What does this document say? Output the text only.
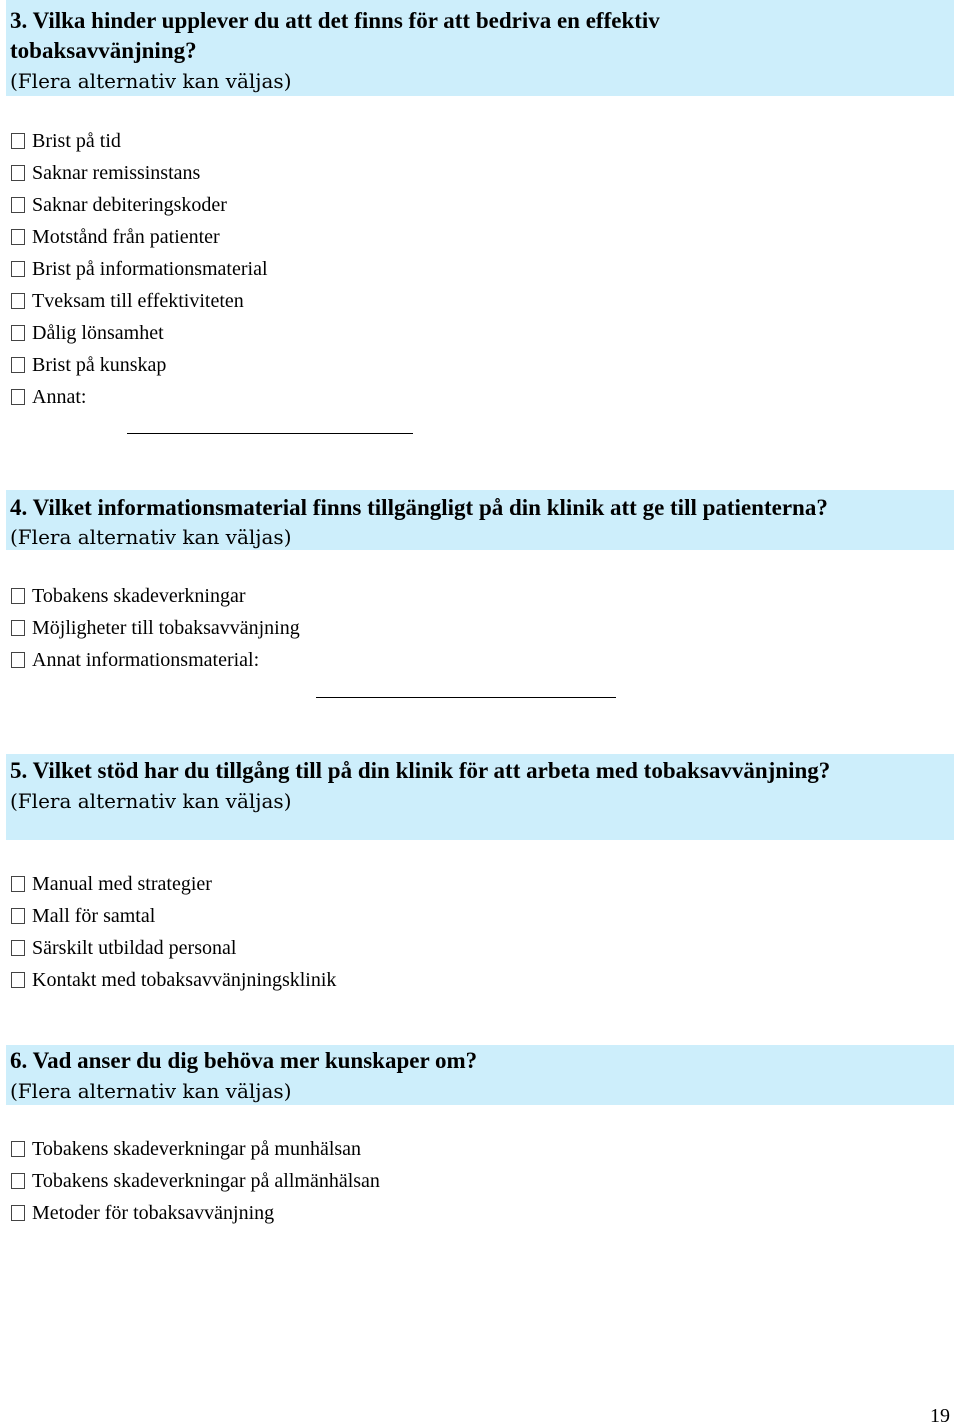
3. Vilka hinder upplever du att det finns för att bedriva en effektiv
tobaksavvänjning?
(Flera alternativ kan väljas)
Brist på tid
Saknar remissinstans
Saknar debiteringskoder
Motstånd från patienter
Brist på informationsmaterial
Tveksam till effektiviteten
Dålig lönsamhet
Brist på kunskap
Annat:
4. Vilket informationsmaterial finns tillgängligt på din klinik att ge till patienterna?
(Flera alternativ kan väljas)
Tobakens skadeverkningar
Möjligheter till tobaksavvänjning
Annat informationsmaterial:
5. Vilket stöd har du tillgång till på din klinik för att arbeta med tobaksavvänjning?
(Flera alternativ kan väljas)
Manual med strategier
Mall för samtal
Särskilt utbildad personal
Kontakt med tobaksavvänjningsklinik
6. Vad anser du dig behöva mer kunskaper om?
(Flera alternativ kan väljas)
Tobakens skadeverkningar på munhälsan
Tobakens skadeverkningar på allmänhälsan
Metoder för tobaksavvänjning
19
